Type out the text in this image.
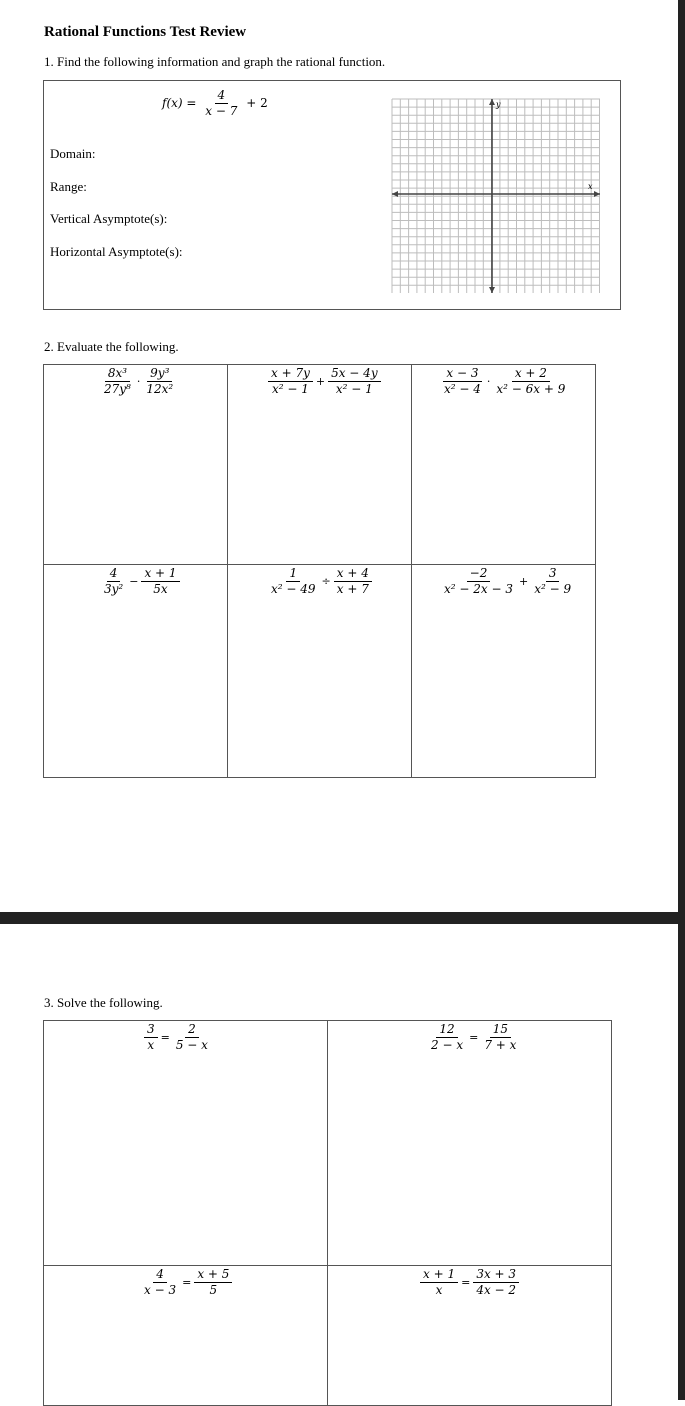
Rational Functions Test Review
1. Find the following information and graph the rational function.
$f(x) = \frac{4}{x - 7} + 2$
Domain:
Range:
Vertical Asymptote(s):
Horizontal Asymptote(s):
x
y
2. Evaluate the following.
$\frac{\text{8x³}}{\text{27y⁸}} \cdot \frac{\text{9y³}}{\text{12x²}}$	$\frac{x + 7y}{\text{x² − 1}} + \frac{5x - 4y}{\text{x² − 1}}$	$\frac{x - 3}{\text{x² − 4}} \cdot \frac{x + 2}{\text{x² − 6x + 9}}$
$\frac{4}{\text{3y²}} - \frac{x + 1}{5x}$	$\frac{1}{\text{x² − 49}} \div \frac{x + 4}{x + 7}$	$\frac{-2}{\text{x² − 2x − 3}} + \frac{3}{\text{x² − 9}}$
3. Solve the following.
$\frac{3}{x} = \frac{2}{5 - x}$	$\frac{12}{2 - x} = \frac{15}{7 + x}$
$\frac{4}{x - 3} = \frac{x + 5}{5}$	$\frac{x + 1}{x} = \frac{3x + 3}{4x - 2}$
